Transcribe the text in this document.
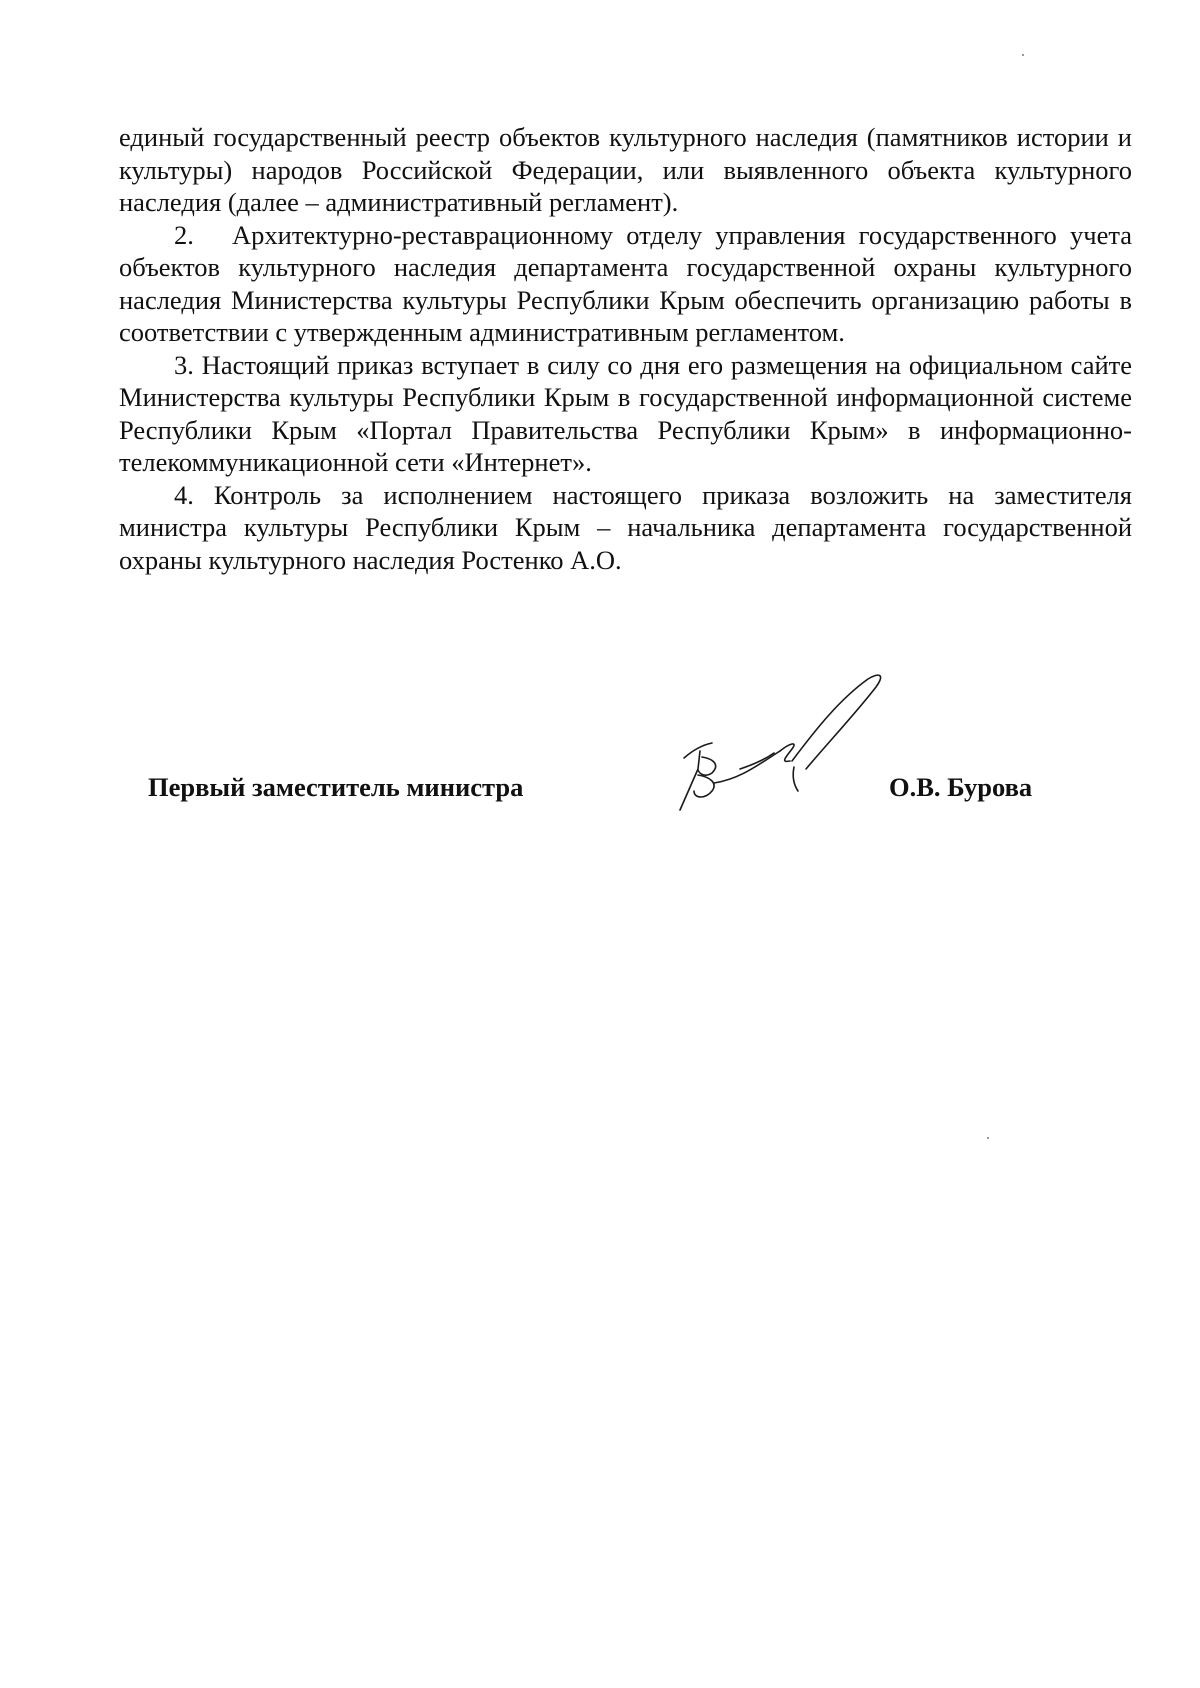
единый государственный реестр объектов культурного наследия (памятников истории и культуры) народов Российской Федерации, или выявленного объекта культурного наследия (далее – административный регламент).

2. Архитектурно-реставрационному отделу управления государственного учета объектов культурного наследия департамента государственной охраны культурного наследия Министерства культуры Республики Крым обеспечить организацию работы в соответствии с утвержденным административным регламентом.

3. Настоящий приказ вступает в силу со дня его размещения на официальном сайте Министерства культуры Республики Крым в государственной информационной системе Республики Крым «Портал Правительства Республики Крым» в информационно-телекоммуникационной сети «Интернет».

4. Контроль за исполнением настоящего приказа возложить на заместителя министра культуры Республики Крым – начальника департамента государственной охраны культурного наследия Ростенко А.О.

Первый заместитель министра	О.В. Бурова
